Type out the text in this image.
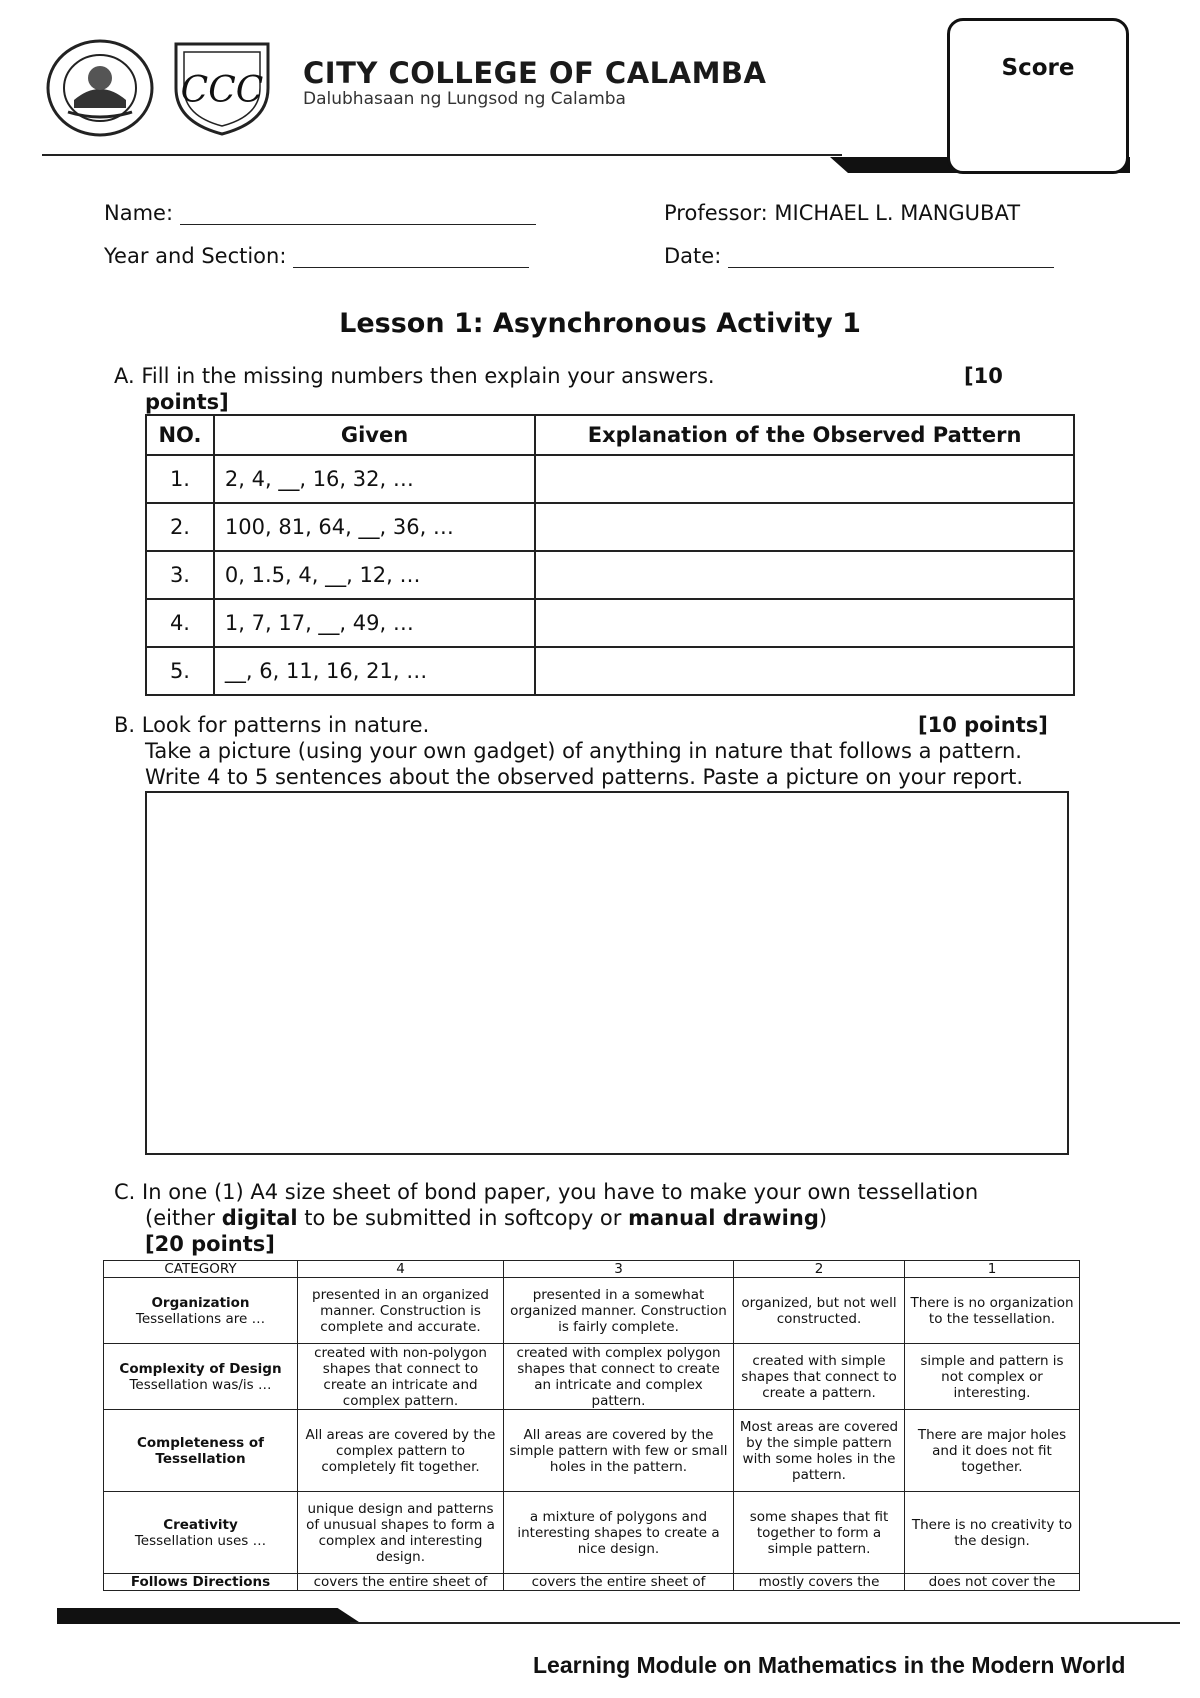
CCC CITY COLLEGE OF CALAMBA
Dalubhasaan ng Lungsod ng Calamba
Score
Name:	Professor: MICHAEL L. MANGUBAT
Year and Section:	Date:
Lesson 1: Asynchronous Activity 1
A. Fill in the missing numbers then explain your answers.	[10
points]
NO.	Given	Explanation of the Observed Pattern
1.	2, 4, __, 16, 32, …	
2.	100, 81, 64, __, 36, …	
3.	0, 1.5, 4, __, 12, …	
4.	1, 7, 17, __, 49, …	
5.	__, 6, 11, 16, 21, …	
B. Look for patterns in nature.	[10 points]
Take a picture (using your own gadget) of anything in nature that follows a pattern.
Write 4 to 5 sentences about the observed patterns. Paste a picture on your report.
C. In one (1) A4 size sheet of bond paper, you have to make your own tessellation
(either digital to be submitted in softcopy or manual drawing)
[20 points]
CATEGORY	4	3	2	1
Organization
Tessellations are …	presented in an organized manner. Construction is complete and accurate.	presented in a somewhat organized manner. Construction is fairly complete.	organized, but not well constructed.	There is no organization to the tessellation.
Complexity of Design
Tessellation was/is …	created with non-polygon shapes that connect to create an intricate and complex pattern.	created with complex polygon shapes that connect to create an intricate and complex pattern.	created with simple shapes that connect to create a pattern.	simple and pattern is not complex or interesting.
Completeness of Tessellation	All areas are covered by the complex pattern to completely fit together.	All areas are covered by the simple pattern with few or small holes in the pattern.	Most areas are covered by the simple pattern with some holes in the pattern.	There are major holes and it does not fit together.
Creativity
Tessellation uses …	unique design and patterns of unusual shapes to form a complex and interesting design.	a mixture of polygons and interesting shapes to create a nice design.	some shapes that fit together to form a simple pattern.	There is no creativity to the design.
Follows Directions	covers the entire sheet of	covers the entire sheet of	mostly covers the	does not cover the
Learning Module on Mathematics in the Modern World
